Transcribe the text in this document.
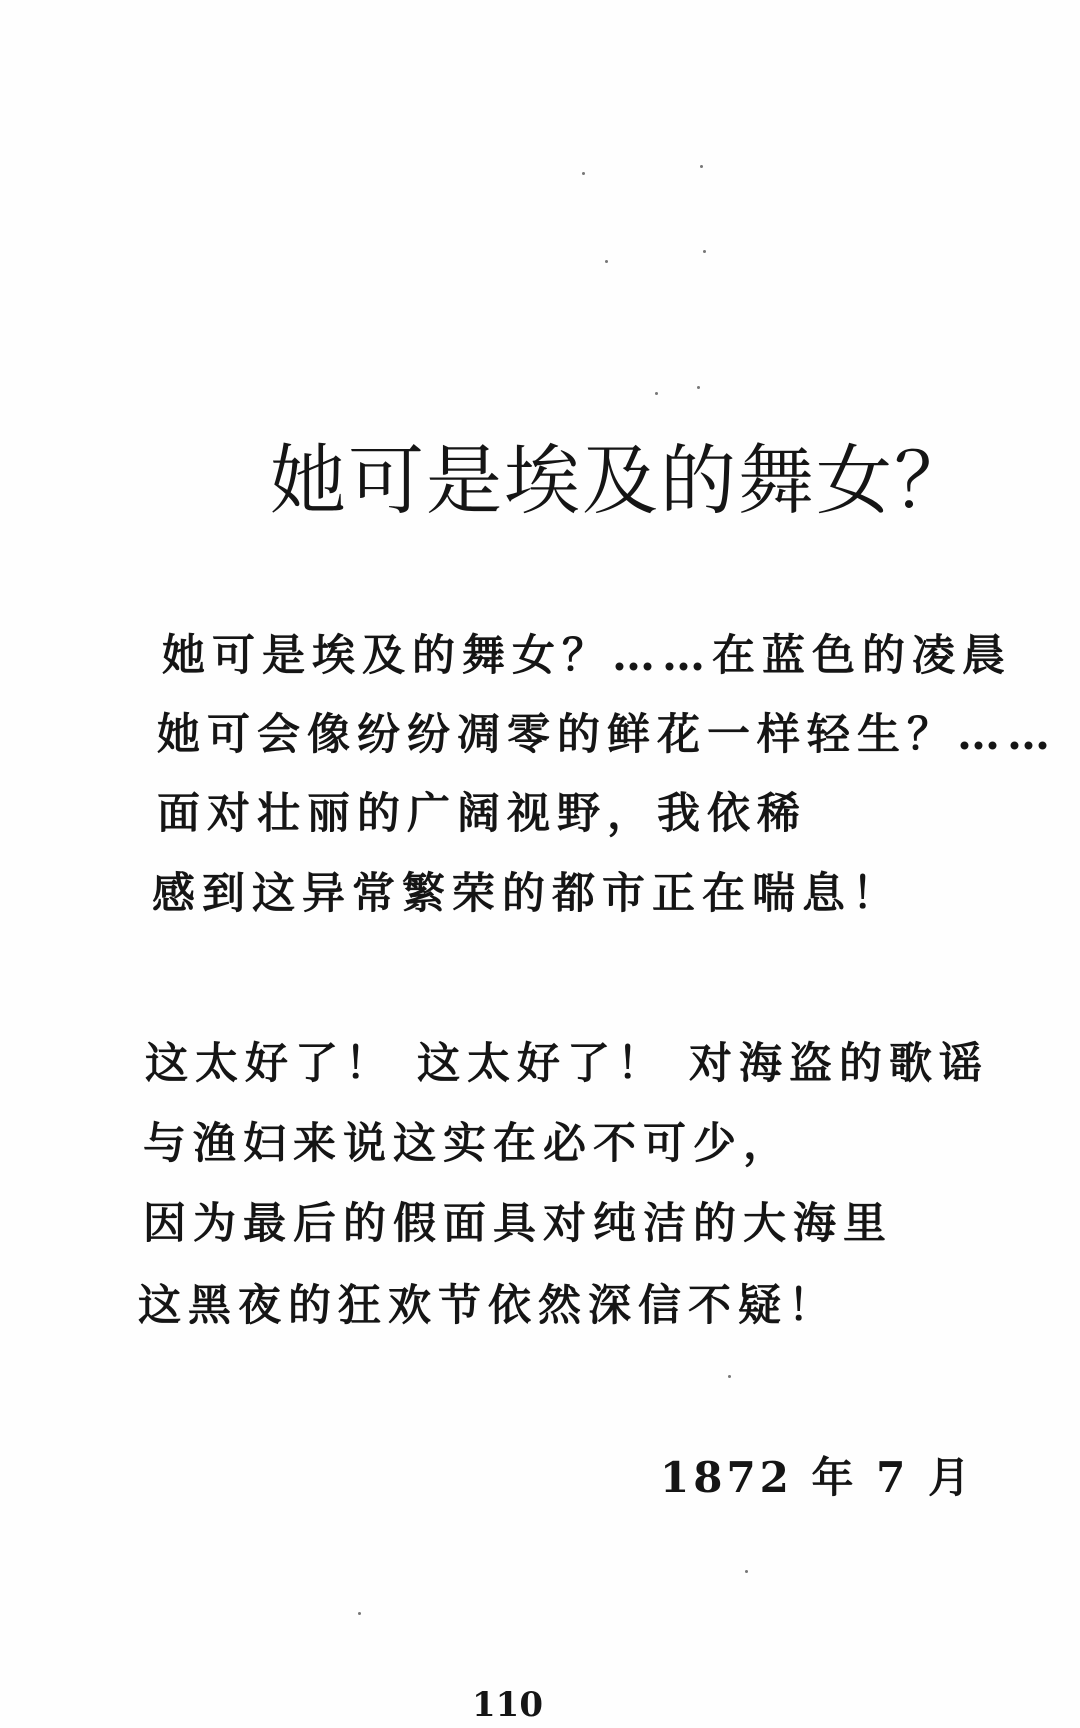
她可是埃及的舞女？
她可是埃及的舞女？……在蓝色的凌晨
她可会像纷纷凋零的鲜花一样轻生？……
面对壮丽的广阔视野，我依稀
感到这异常繁荣的都市正在喘息！
这太好了！ 这太好了！ 对海盗的歌谣
与渔妇来说这实在必不可少，
因为最后的假面具对纯洁的大海里
这黑夜的狂欢节依然深信不疑！
1872 年 7 月
110
